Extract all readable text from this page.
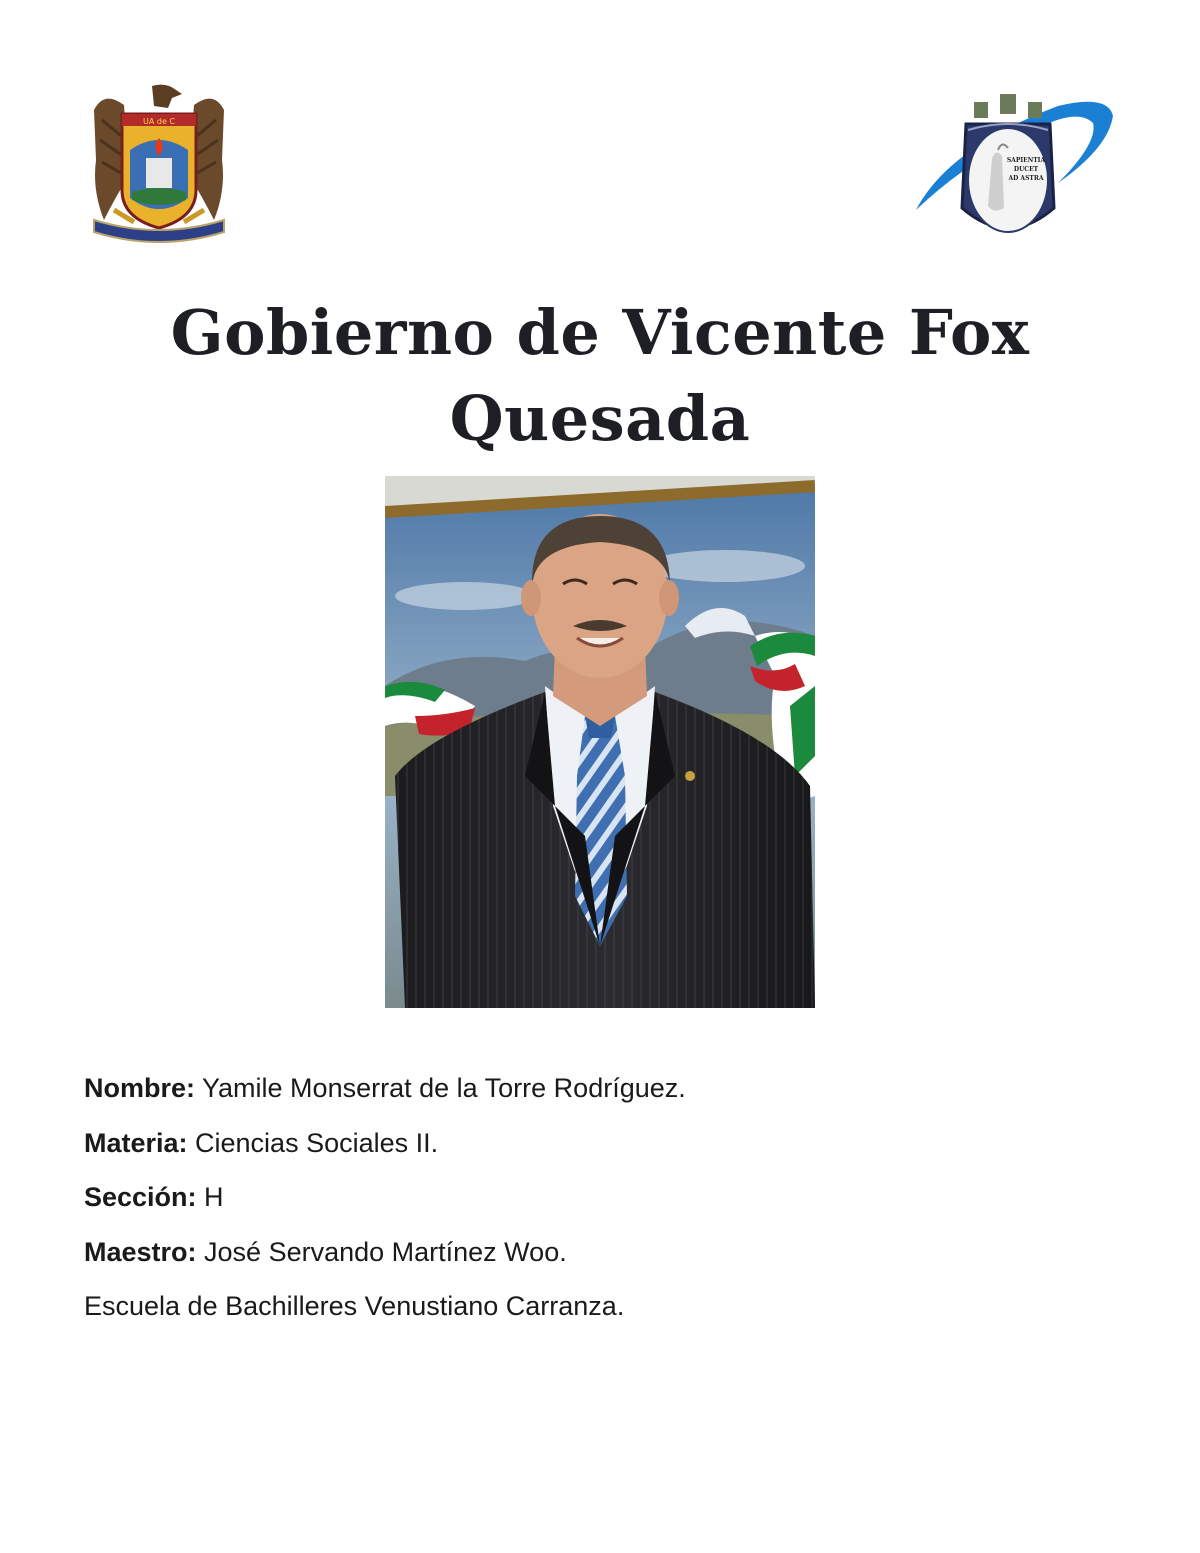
UA de C
SAPIENTIA
DUCET
AD ASTRA
Gobierno de Vicente Fox
Quesada
Nombre: Yamile Monserrat de la Torre Rodríguez.
Materia: Ciencias Sociales II.
Sección: H
Maestro: José Servando Martínez Woo.
Escuela de Bachilleres Venustiano Carranza.
